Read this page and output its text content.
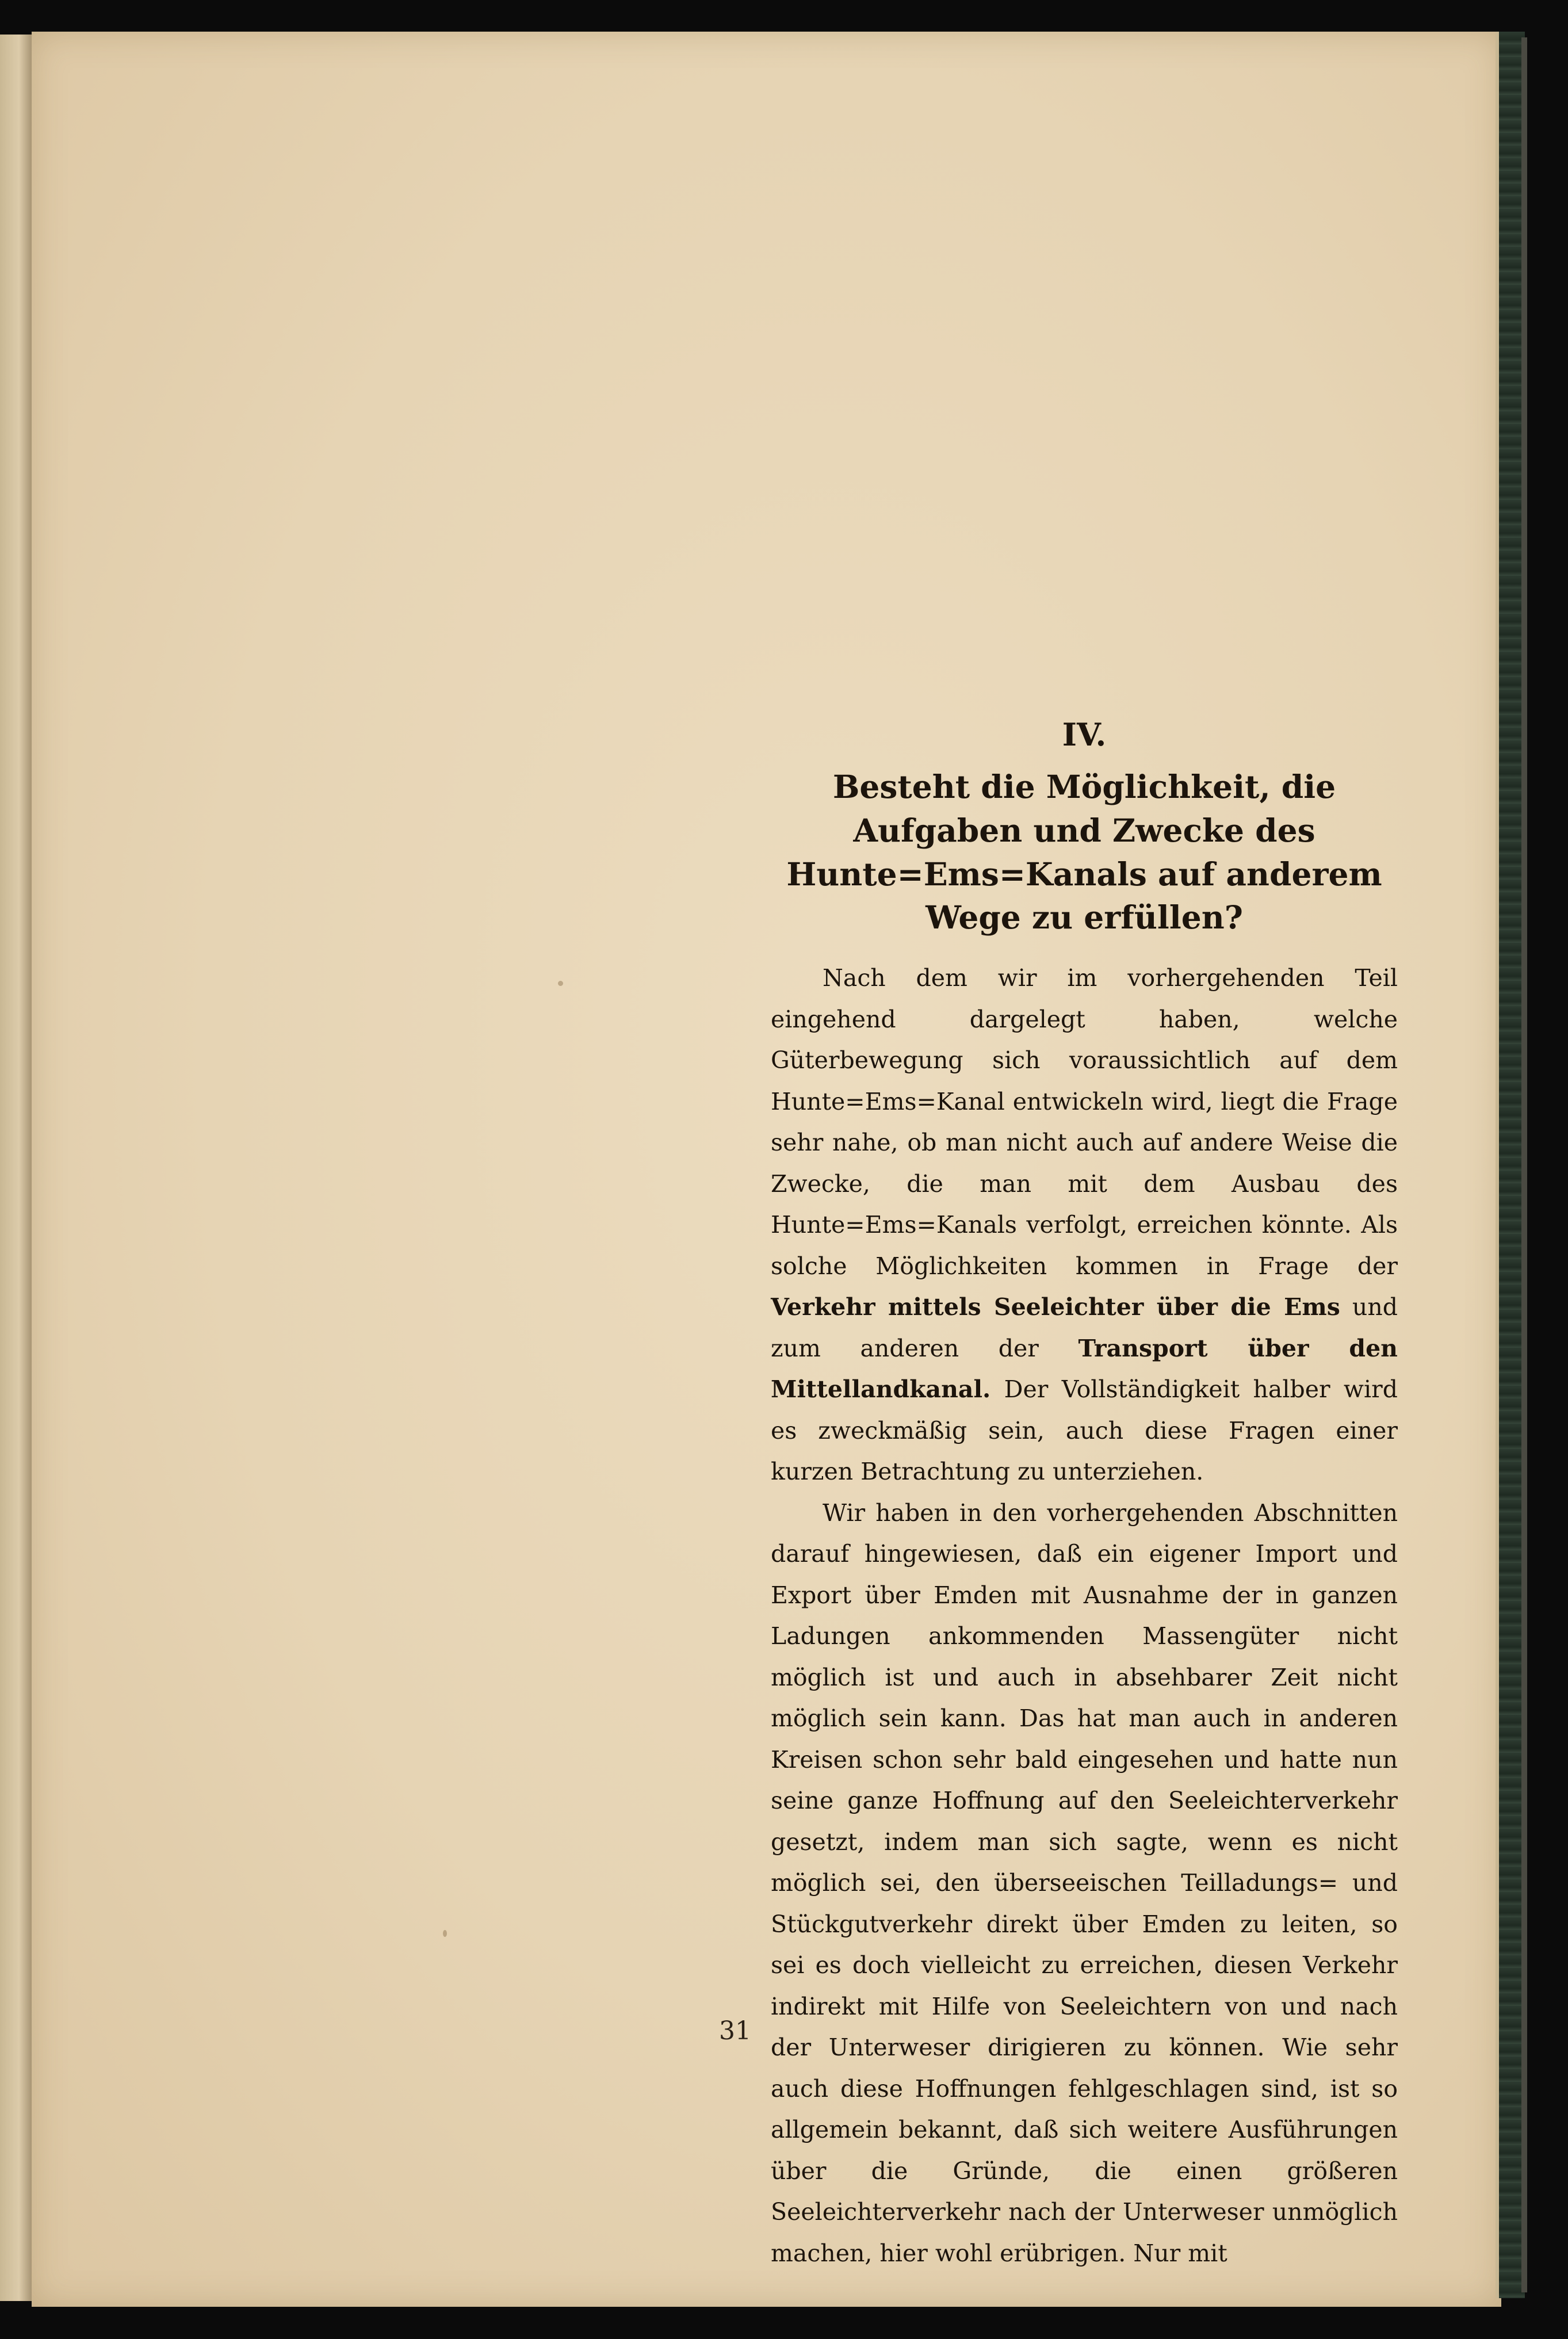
IV.
Besteht die Möglichkeit, die Aufgaben und Zwecke des Hunte=Ems=Kanals auf anderem Wege zu erfüllen?

Nach dem wir im vorhergehenden Teil eingehend dargelegt haben, welche Güterbewegung sich voraussichtlich auf dem Hunte=Ems=Kanal entwickeln wird, liegt die Frage sehr nahe, ob man nicht auch auf andere Weise die Zwecke, die man mit dem Ausbau des Hunte=Ems=Kanals verfolgt, erreichen könnte. Als solche Möglichkeiten kommen in Frage der Verkehr mittels Seeleichter über die Ems und zum anderen der Transport über den Mittellandkanal. Der Vollständigkeit halber wird es zweckmäßig sein, auch diese Fragen einer kurzen Betrachtung zu unterziehen.

Wir haben in den vorhergehenden Abschnitten darauf hingewiesen, daß ein eigener Import und Export über Emden mit Ausnahme der in ganzen Ladungen ankommenden Massengüter nicht möglich ist und auch in absehbarer Zeit nicht möglich sein kann. Das hat man auch in anderen Kreisen schon sehr bald eingesehen und hatte nun seine ganze Hoffnung auf den Seeleichterverkehr gesetzt, indem man sich sagte, wenn es nicht möglich sei, den überseeischen Teilladungs= und Stückgutverkehr direkt über Emden zu leiten, so sei es doch vielleicht zu erreichen, diesen Verkehr indirekt mit Hilfe von Seeleichtern von und nach der Unterweser dirigieren zu können. Wie sehr auch diese Hoffnungen fehlgeschlagen sind, ist so allgemein bekannt, daß sich weitere Ausführungen über die Gründe, die einen größeren Seeleichterverkehr nach der Unterweser unmöglich machen, hier wohl erübrigen. Nur mit

31
